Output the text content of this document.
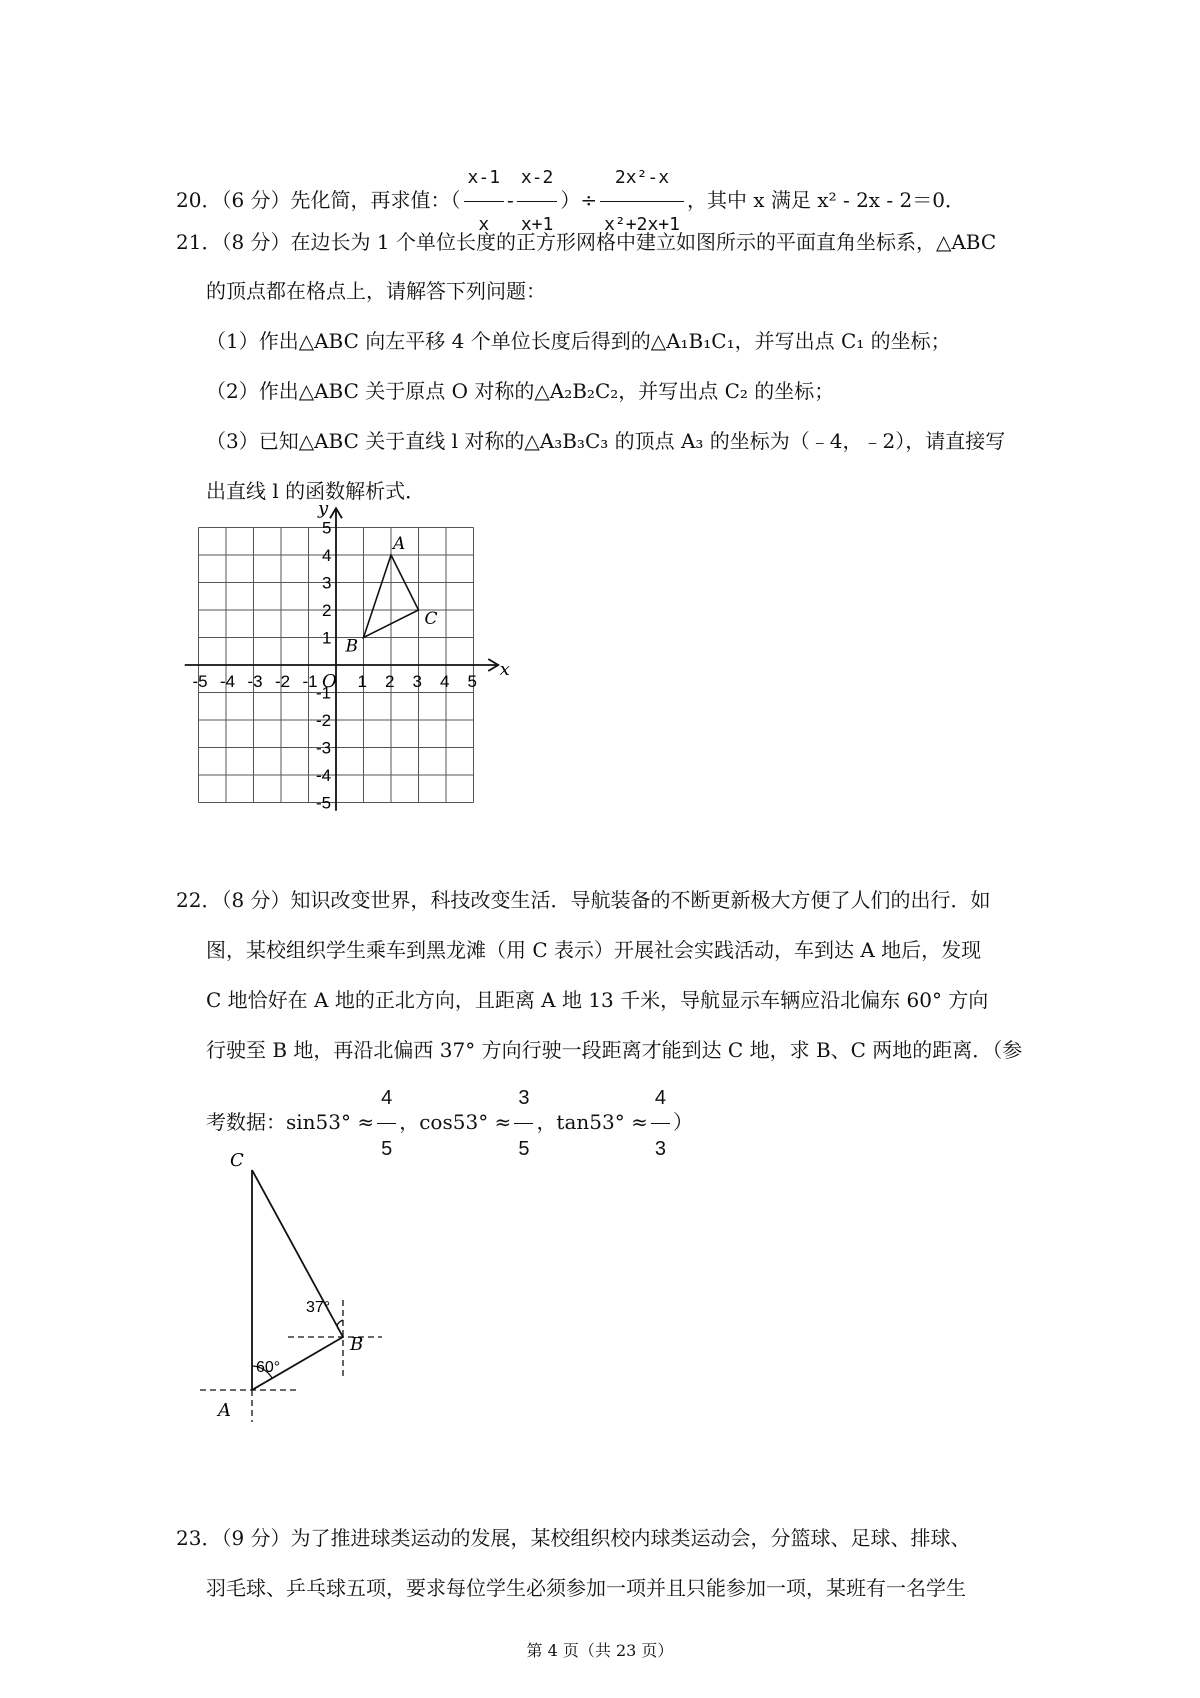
20．（6 分）先化简，再求值：（ $\frac{x-1}{x} - \frac{x-2}{x+1}$ ）÷ $\frac{\text{2x²-x}}{\text{x²+2x+1}}$ ，其中 x 满足 x² - 2x - 2＝0．
21．（8 分）在边长为 1 个单位长度的正方形网格中建立如图所示的平面直角坐标系，△ABC
的顶点都在格点上，请解答下列问题：
（1）作出△ABC 向左平移 4 个单位长度后得到的△A₁B₁C₁，并写出点 C₁ 的坐标；
（2）作出△ABC 关于原点 O 对称的△A₂B₂C₂，并写出点 C₂ 的坐标；
（3）已知△ABC 关于直线 l 对称的△A₃B₃C₃ 的顶点 A₃ 的坐标为（﹣4，﹣2），请直接写
出直线 l 的函数解析式．
-5 -4 -3 -2 -1 1 2 3 4 5
5
4
3
2
1
-1
-2
-3
-4
-5
A
B
C
x
y
O
22．（8 分）知识改变世界，科技改变生活．导航装备的不断更新极大方便了人们的出行．如
图，某校组织学生乘车到黑龙滩（用 C 表示）开展社会实践活动，车到达 A 地后，发现
C 地恰好在 A 地的正北方向，且距离 A 地 13 千米，导航显示车辆应沿北偏东 60° 方向
行驶至 B 地，再沿北偏西 37° 方向行驶一段距离才能到达 C 地，求 B、C 两地的距离．（参
考数据：$\sin 53^\circ \approx \frac{4}{5}$ ，$\cos 53^\circ \approx \frac{3}{5}$ ，$\tan 53^\circ \approx \frac{4}{3}$ ）
C
B
A
37°
60°
23．（9 分）为了推进球类运动的发展，某校组织校内球类运动会，分篮球、足球、排球、
羽毛球、乒乓球五项，要求每位学生必须参加一项并且只能参加一项，某班有一名学生
第 4 页（共 23 页）
